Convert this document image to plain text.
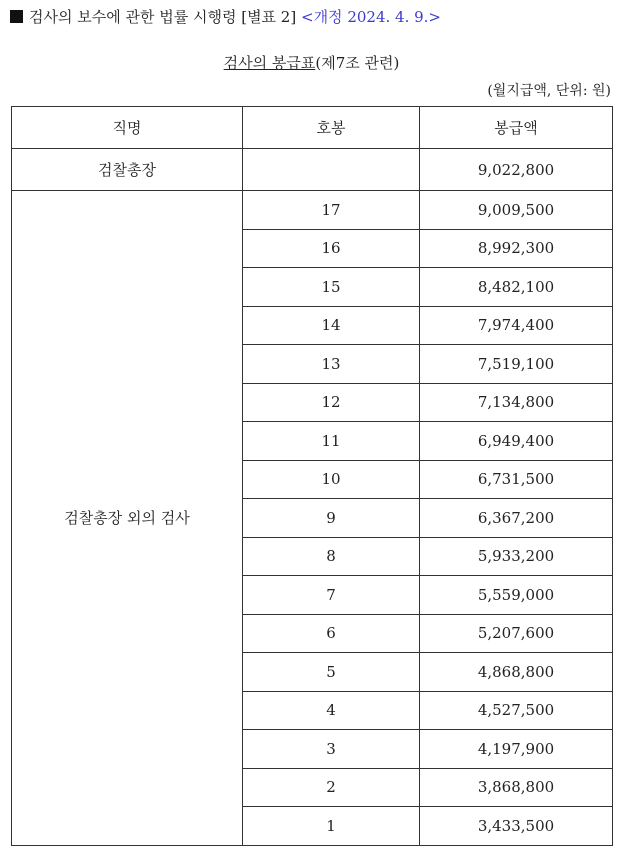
검사의 보수에 관한 법률 시행령 [별표 2] <개정 2024. 4. 9.>
검사의 봉급표(제7조 관련)
(월지급액, 단위: 원)
직명	호봉	봉급액
검찰총장		9,022,800
검찰총장 외의 검사	17	9,009,500
	16	8,992,300
	15	8,482,100
	14	7,974,400
	13	7,519,100
	12	7,134,800
	11	6,949,400
	10	6,731,500
	9	6,367,200
	8	5,933,200
	7	5,559,000
	6	5,207,600
	5	4,868,800
	4	4,527,500
	3	4,197,900
	2	3,868,800
	1	3,433,500
